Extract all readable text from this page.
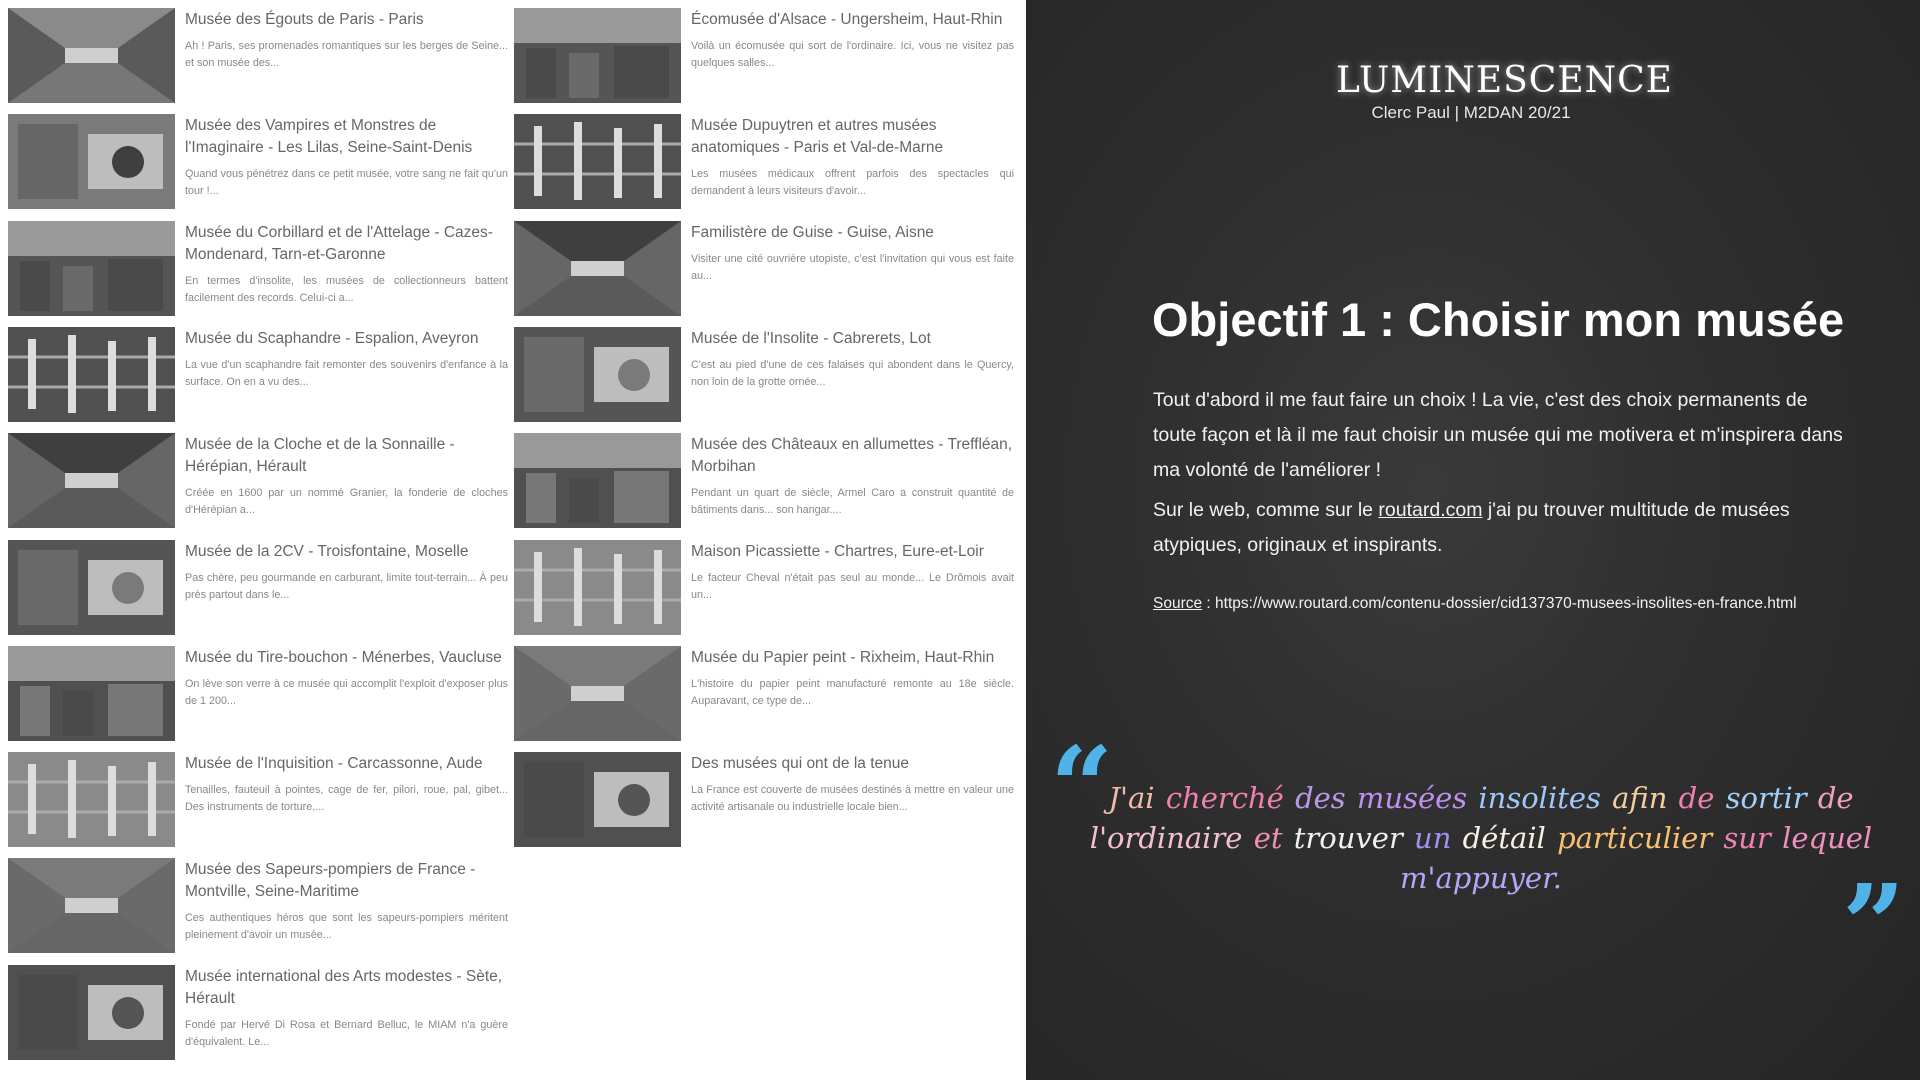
Musée des Égouts de Paris - Paris
Ah ! Paris, ses promenades romantiques sur les berges de Seine... et son musée des...
Musée des Vampires et Monstres de l'Imaginaire - Les Lilas, Seine-Saint-Denis
Quand vous pénétrez dans ce petit musée, votre sang ne fait qu'un tour !...
Musée du Corbillard et de l'Attelage - Cazes-Mondenard, Tarn-et-Garonne
En termes d'insolite, les musées de collectionneurs battent facilement des records. Celui-ci a...
Musée du Scaphandre - Espalion, Aveyron
La vue d'un scaphandre fait remonter des souvenirs d'enfance à la surface. On en a vu des...
Musée de la Cloche et de la Sonnaille - Hérépian, Hérault
Créée en 1600 par un nommé Granier, la fonderie de cloches d'Hérépian a...
Musée de la 2CV - Troisfontaine, Moselle
Pas chère, peu gourmande en carburant, limite tout-terrain... À peu près partout dans le...
Musée du Tire-bouchon - Ménerbes, Vaucluse
On lève son verre à ce musée qui accomplit l'exploit d'exposer plus de 1 200...
Musée de l'Inquisition - Carcassonne, Aude
Tenailles, fauteuil à pointes, cage de fer, pilori, roue, pal, gibet... Des instruments de torture,...
Musée des Sapeurs-pompiers de France - Montville, Seine-Maritime
Ces authentiques héros que sont les sapeurs-pompiers méritent pleinement d'avoir un musée...
Musée international des Arts modestes - Sète, Hérault
Fondé par Hervé Di Rosa et Bernard Belluc, le MIAM n'a guère d'équivalent. Le...
Écomusée d'Alsace - Ungersheim, Haut-Rhin
Voilà un écomusée qui sort de l'ordinaire. Ici, vous ne visitez pas quelques salles...
Musée Dupuytren et autres musées anatomiques - Paris et Val-de-Marne
Les musées médicaux offrent parfois des spectacles qui demandent à leurs visiteurs d'avoir...
Familistère de Guise - Guise, Aisne
Visiter une cité ouvrière utopiste, c'est l'invitation qui vous est faite au...
Musée de l'Insolite - Cabrerets, Lot
C'est au pied d'une de ces falaises qui abondent dans le Quercy, non loin de la grotte ornée...
Musée des Châteaux en allumettes - Treffléan, Morbihan
Pendant un quart de siècle, Armel Caro a construit quantité de bâtiments dans... son hangar....
Maison Picassiette - Chartres, Eure-et-Loir
Le facteur Cheval n'était pas seul au monde... Le Drômois avait un...
Musée du Papier peint - Rixheim, Haut-Rhin
L'histoire du papier peint manufacturé remonte au 18e siècle. Auparavant, ce type de...
Des musées qui ont de la tenue
La France est couverte de musées destinés à mettre en valeur une activité artisanale ou industrielle locale bien...
LUMINESCENCE
Clerc Paul | M2DAN 20/21
Objectif 1 : Choisir mon musée
Tout d'abord il me faut faire un choix ! La vie, c'est des choix permanents de toute façon et là il me faut choisir un musée qui me motivera et m'inspirera dans ma volonté de l'améliorer !
Sur le web, comme sur le routard.com j'ai pu trouver multitude de musées atypiques, originaux et inspirants.
Source : https://www.routard.com/contenu-dossier/cid137370-musees-insolites-en-france.html
“
J'ai cherché des musées insolites afin de sortir de l'ordinaire et trouver un détail particulier sur lequel m'appuyer.	”
